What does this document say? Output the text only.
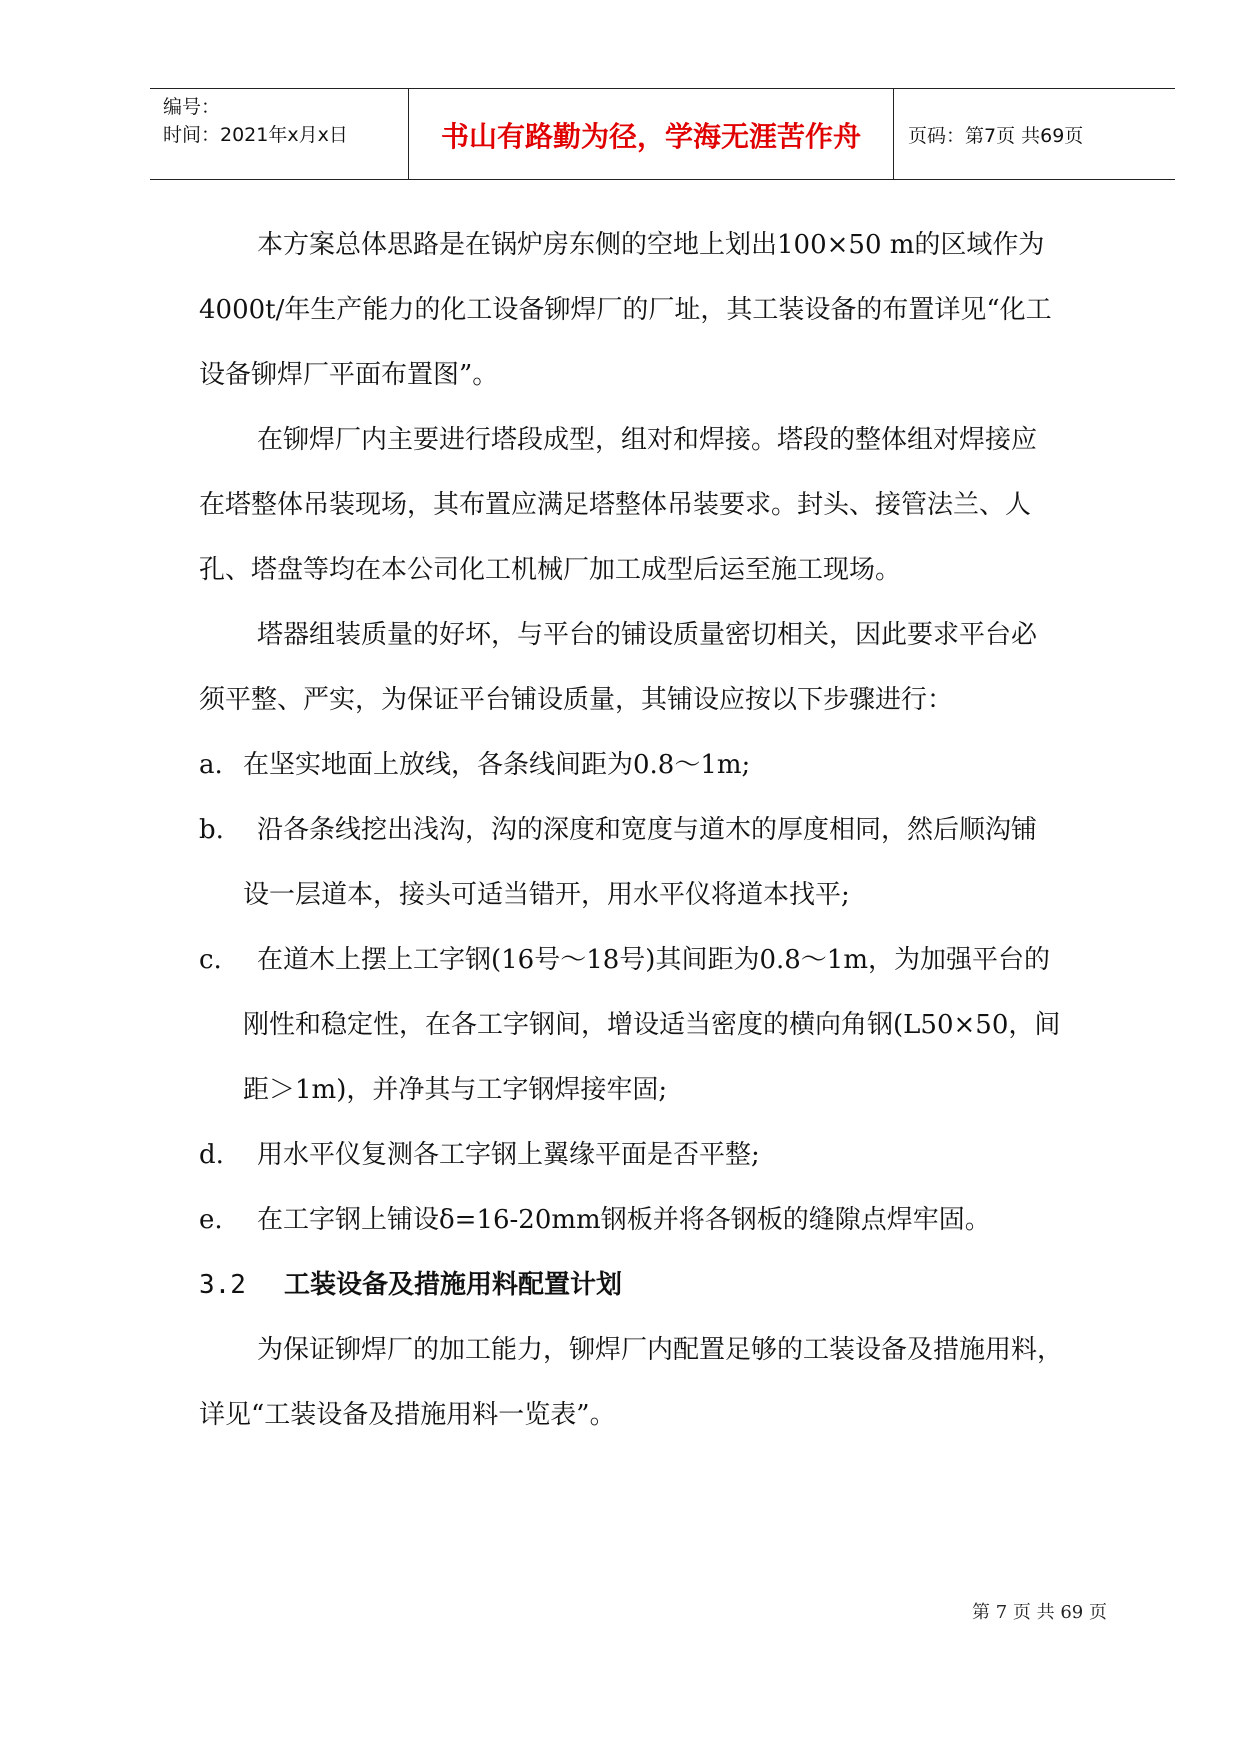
编号：
时间：2021年x月x日	书山有路勤为径，学海无涯苦作舟	页码：第7页 共69页
本方案总体思路是在锅炉房东侧的空地上划出100×50 m的区域作为
4000t/年生产能力的化工设备铆焊厂的厂址，其工装设备的布置详见“化工
设备铆焊厂平面布置图”。
在铆焊厂内主要进行塔段成型，组对和焊接。塔段的整体组对焊接应
在塔整体吊装现场，其布置应满足塔整体吊装要求。封头、接管法兰、人
孔、塔盘等均在本公司化工机械厂加工成型后运至施工现场。
塔器组装质量的好坏，与平台的铺设质量密切相关，因此要求平台必
须平整、严实，为保证平台铺设质量，其铺设应按以下步骤进行：
a. 在坚实地面上放线，各条线间距为0.8～1m;
b. 沿各条线挖出浅沟，沟的深度和宽度与道木的厚度相同，然后顺沟铺
设一层道本，接头可适当错开，用水平仪将道本找平;
c. 在道木上摆上工字钢(16号～18号)其间距为0.8～1m，为加强平台的
刚性和稳定性，在各工字钢间，增设适当密度的横向角钢(L50×50，间
距＞1m)，并净其与工字钢焊接牢固;
d. 用水平仪复测各工字钢上翼缘平面是否平整;
e. 在工字钢上铺设δ=16-20mm钢板并将各钢板的缝隙点焊牢固。
3.2 工装设备及措施用料配置计划
为保证铆焊厂的加工能力，铆焊厂内配置足够的工装设备及措施用料，
详见“工装设备及措施用料一览表”。
第 7 页 共 69 页
